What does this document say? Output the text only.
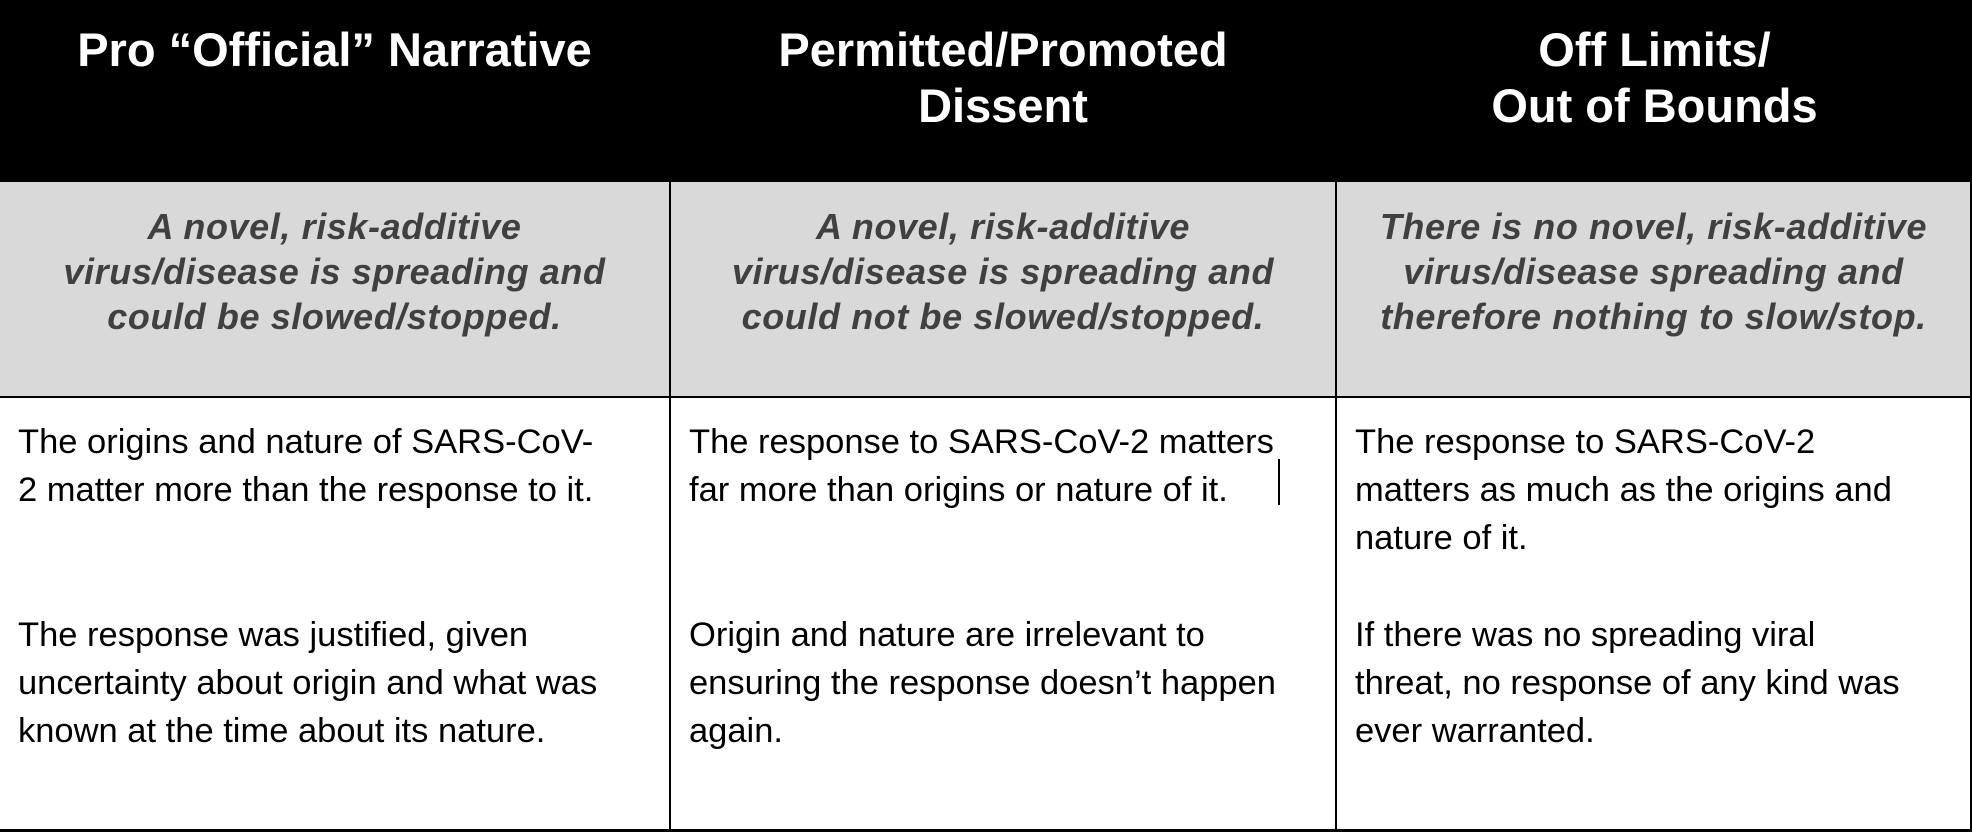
Pro “Official” Narrative	Permitted/Promoted
Dissent
Off Limits/
Out of Bounds
A novel, risk-additive
virus/disease is spreading and
could be slowed/stopped.
A novel, risk-additive
virus/disease is spreading and
could not be slowed/stopped.
There is no novel, risk-additive
virus/disease spreading and
therefore nothing to slow/stop.
The origins and nature of SARS-CoV-
2 matter more than the response to it.
The response was justified, given
uncertainty about origin and what was
known at the time about its nature.
The response to SARS-CoV-2 matters
far more than origins or nature of it.
Origin and nature are irrelevant to
ensuring the response doesn’t happen
again.
The response to SARS-CoV-2
matters as much as the origins and
nature of it.
If there was no spreading viral
threat, no response of any kind was
ever warranted.
